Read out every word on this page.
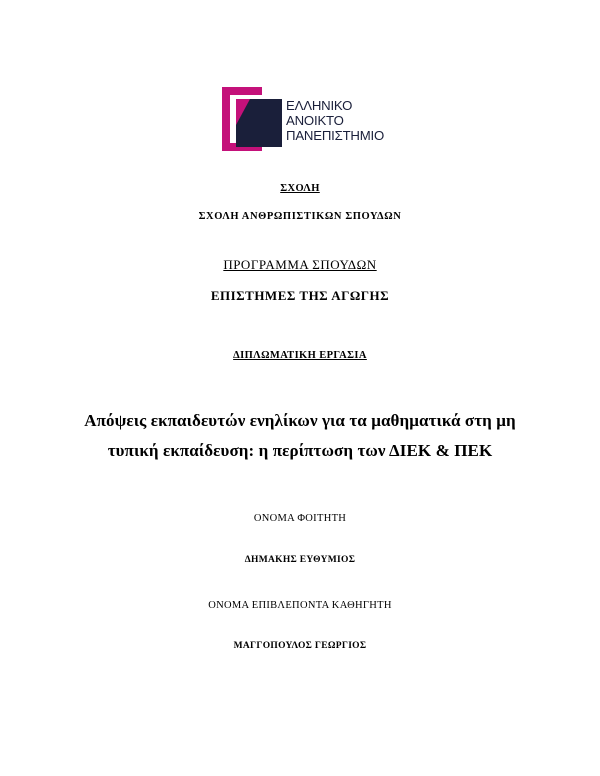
ΕΛΛΗΝΙΚΟ
ΑΝΟΙΚΤΟ
ΠΑΝΕΠΙΣΤΗΜΙΟ
ΣΧΟΛΗ
ΣΧΟΛΗ ΑΝΘΡΩΠΙΣΤΙΚΩΝ ΣΠΟΥΔΩΝ
ΠΡΟΓΡΑΜΜΑ ΣΠΟΥΔΩΝ
ΕΠΙΣΤΗΜΕΣ ΤΗΣ ΑΓΩΓΗΣ
ΔΙΠΛΩΜΑΤΙΚΗ ΕΡΓΑΣΙΑ
Απόψεις εκπαιδευτών ενηλίκων για τα μαθηματικά στη μη
τυπική εκπαίδευση: η περίπτωση των ΔΙΕΚ & ΠΕΚ
ΟΝΟΜΑ ΦΟΙΤΗΤΗ
ΔΗΜΑΚΗΣ ΕΥΘΥΜΙΟΣ
ΟΝΟΜΑ ΕΠΙΒΛΕΠΟΝΤΑ ΚΑΘΗΓΗΤΗ
ΜΑΓΓΟΠΟΥΛΟΣ ΓΕΩΡΓΙΟΣ
